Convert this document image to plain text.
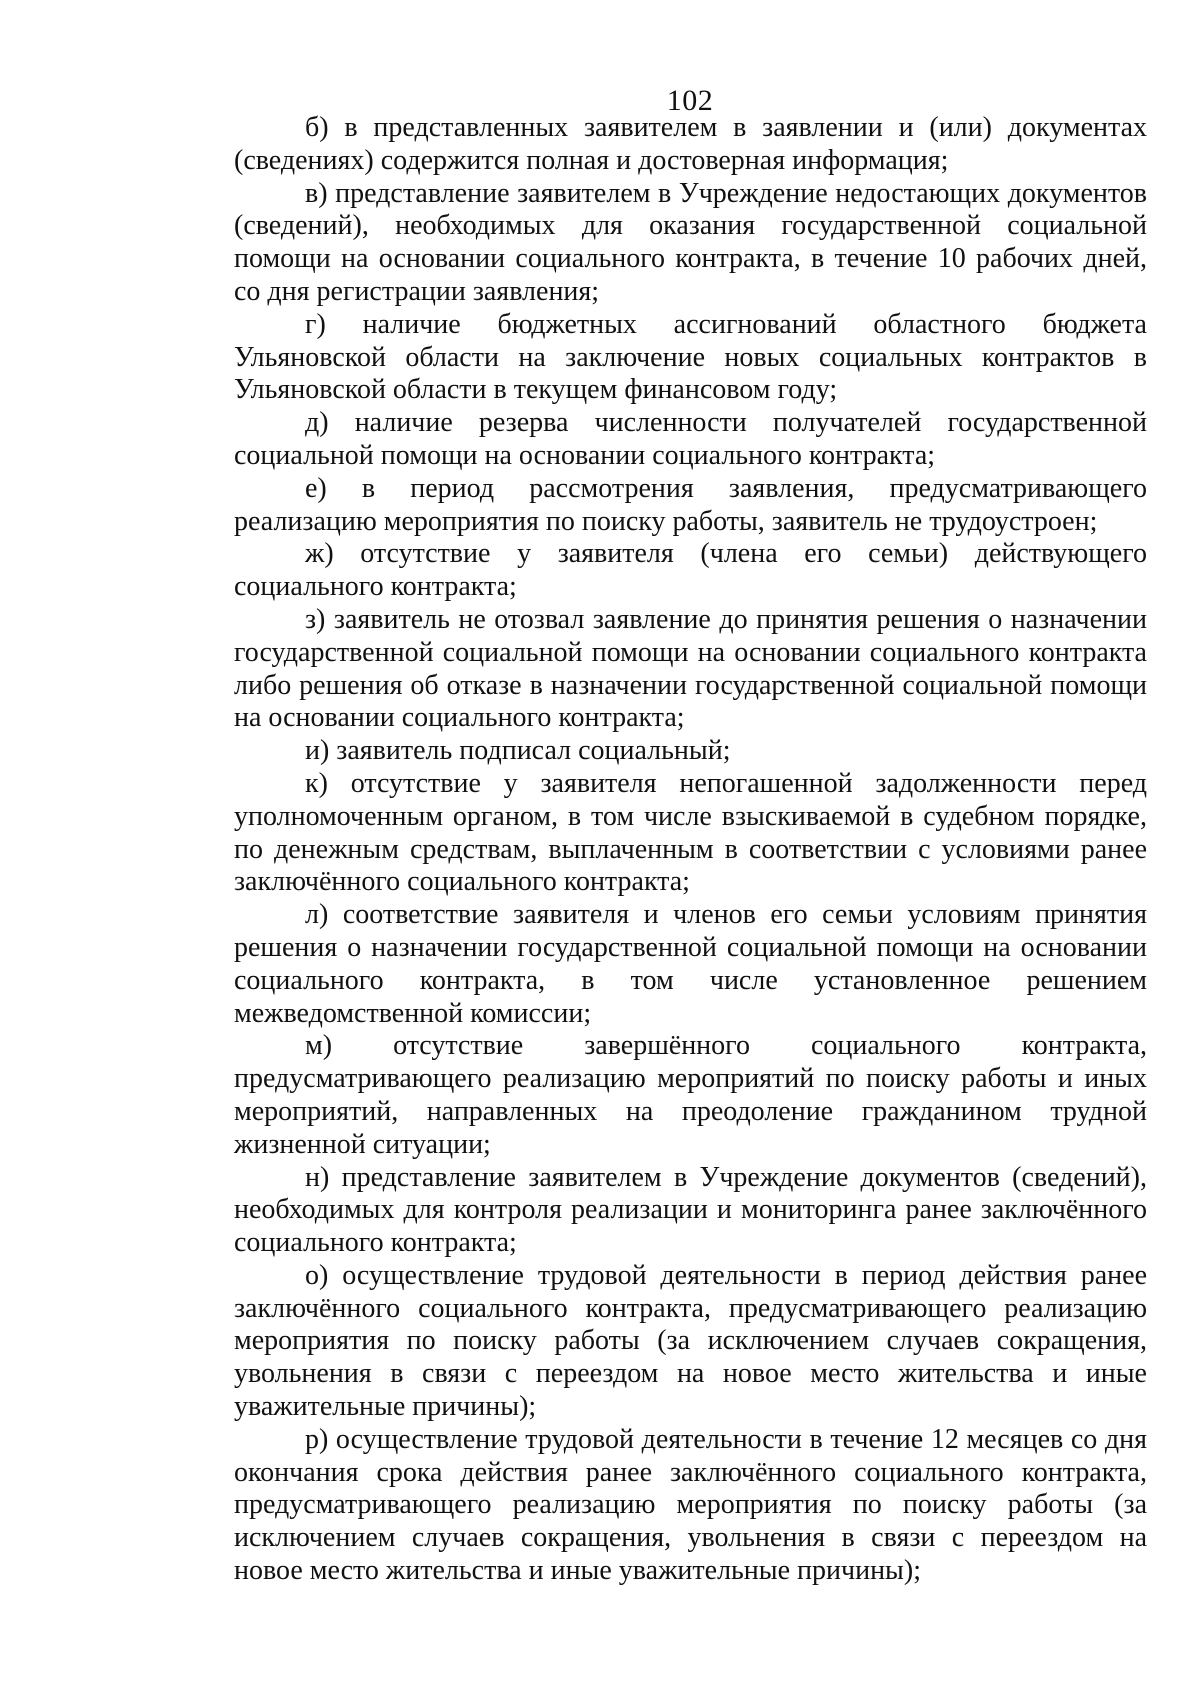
102

б) в представленных заявителем в заявлении и (или) документах (сведениях) содержится полная и достоверная информация;

в) представление заявителем в Учреждение недостающих документов (сведений), необходимых для оказания государственной социальной помощи на основании социального контракта, в течение 10 рабочих дней, со дня регистрации заявления;

г) наличие бюджетных ассигнований областного бюджета Ульяновской области на заключение новых социальных контрактов в Ульяновской области в текущем финансовом году;

д) наличие резерва численности получателей государственной социальной помощи на основании социального контракта;

е) в период рассмотрения заявления, предусматривающего реализацию мероприятия по поиску работы, заявитель не трудоустроен;

ж) отсутствие у заявителя (члена его семьи) действующего социального контракта;

з) заявитель не отозвал заявление до принятия решения о назначении государственной социальной помощи на основании социального контракта либо решения об отказе в назначении государственной социальной помощи на основании социального контракта;

и) заявитель подписал социальный;

к) отсутствие у заявителя непогашенной задолженности перед уполномоченным органом, в том числе взыскиваемой в судебном порядке, по денежным средствам, выплаченным в соответствии с условиями ранее заключённого социального контракта;

л) соответствие заявителя и членов его семьи условиям принятия решения о назначении государственной социальной помощи на основании социального контракта, в том числе установленное решением межведомственной комиссии;

м) отсутствие завершённого социального контракта, предусматривающего реализацию мероприятий по поиску работы и иных мероприятий, направленных на преодоление гражданином трудной жизненной ситуации;

н) представление заявителем в Учреждение документов (сведений), необходимых для контроля реализации и мониторинга ранее заключённого социального контракта;

о) осуществление трудовой деятельности в период действия ранее заключённого социального контракта, предусматривающего реализацию мероприятия по поиску работы (за исключением случаев сокращения, увольнения в связи с переездом на новое место жительства и иные уважительные причины);

р) осуществление трудовой деятельности в течение 12 месяцев со дня окончания срока действия ранее заключённого социального контракта, предусматривающего реализацию мероприятия по поиску работы (за исключением случаев сокращения, увольнения в связи с переездом на новое место жительства и иные уважительные причины);
